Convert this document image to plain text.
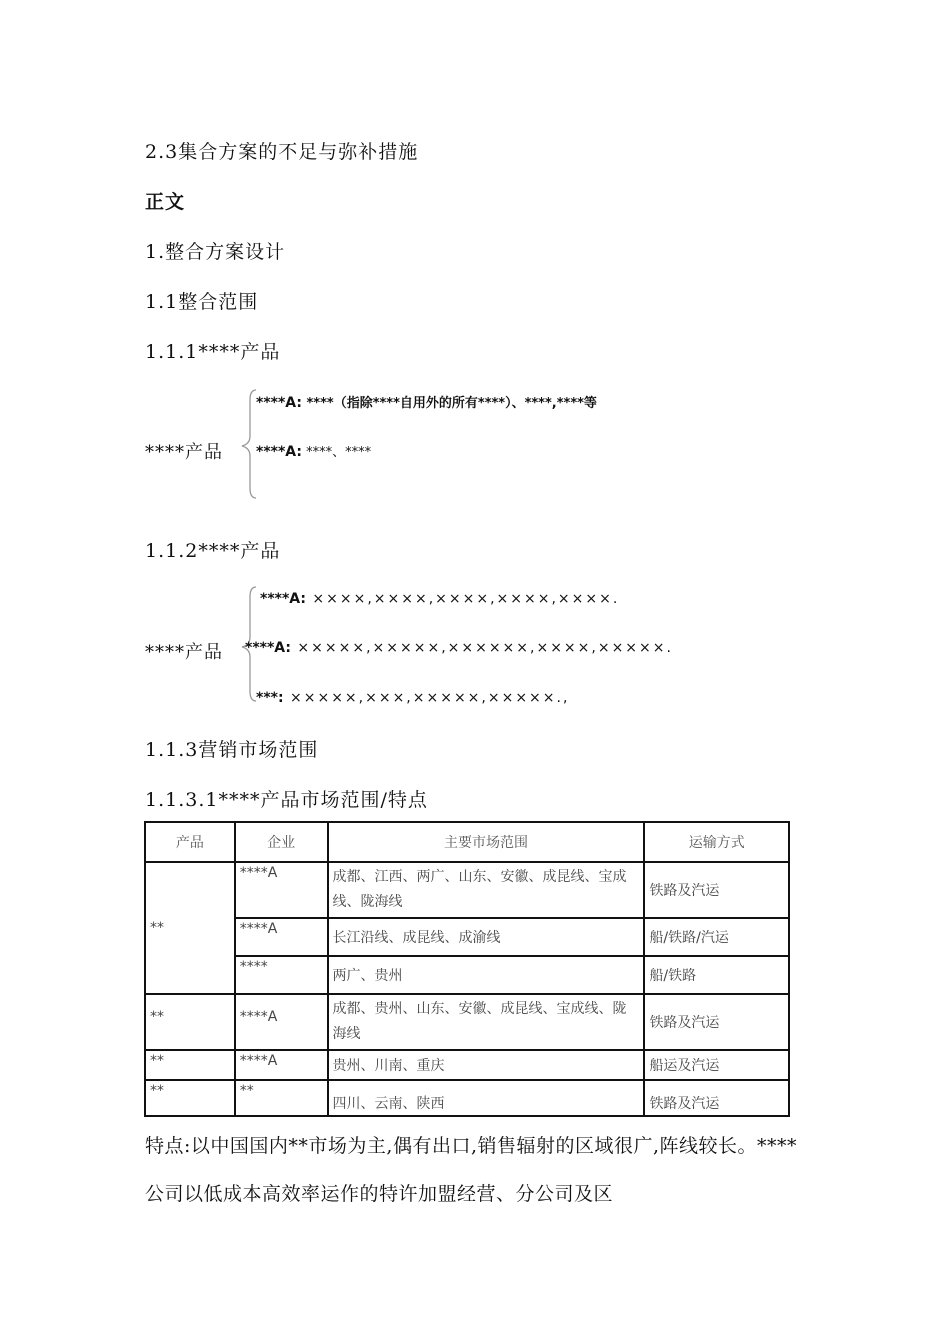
2.3集合方案的不足与弥补措施
正文
1.整合方案设计
1.1整合范围
1.1.1****产品
****产品
****A: ****（指除****自用外的所有****）、****,****等
****A: ****、****
1.1.2****产品
****产品
****A: ××××,××××,××××,××××,××××.
****A: ×××××,×××××,××××××,××××,×××××.
***: ×××××,×××,×××××,×××××.,
1.1.3营销市场范围
1.1.3.1****产品市场范围/特点
产品	企业	主要市场范围	运输方式
**	****A	成都、江西、两广、山东、安徽、成昆线、宝成线、陇海线	铁路及汽运
	****A	长江沿线、成昆线、成渝线	船/铁路/汽运
	****	两广、贵州	船/铁路
**	****A	成都、贵州、山东、安徽、成昆线、宝成线、陇海线	铁路及汽运
**	****A	贵州、川南、重庆	船运及汽运
**	**	四川、云南、陕西	铁路及汽运
特点:以中国国内**市场为主,偶有出口,销售辐射的区域很广,阵线较长。****公司以低成本高效率运作的特许加盟经营、分公司及区
